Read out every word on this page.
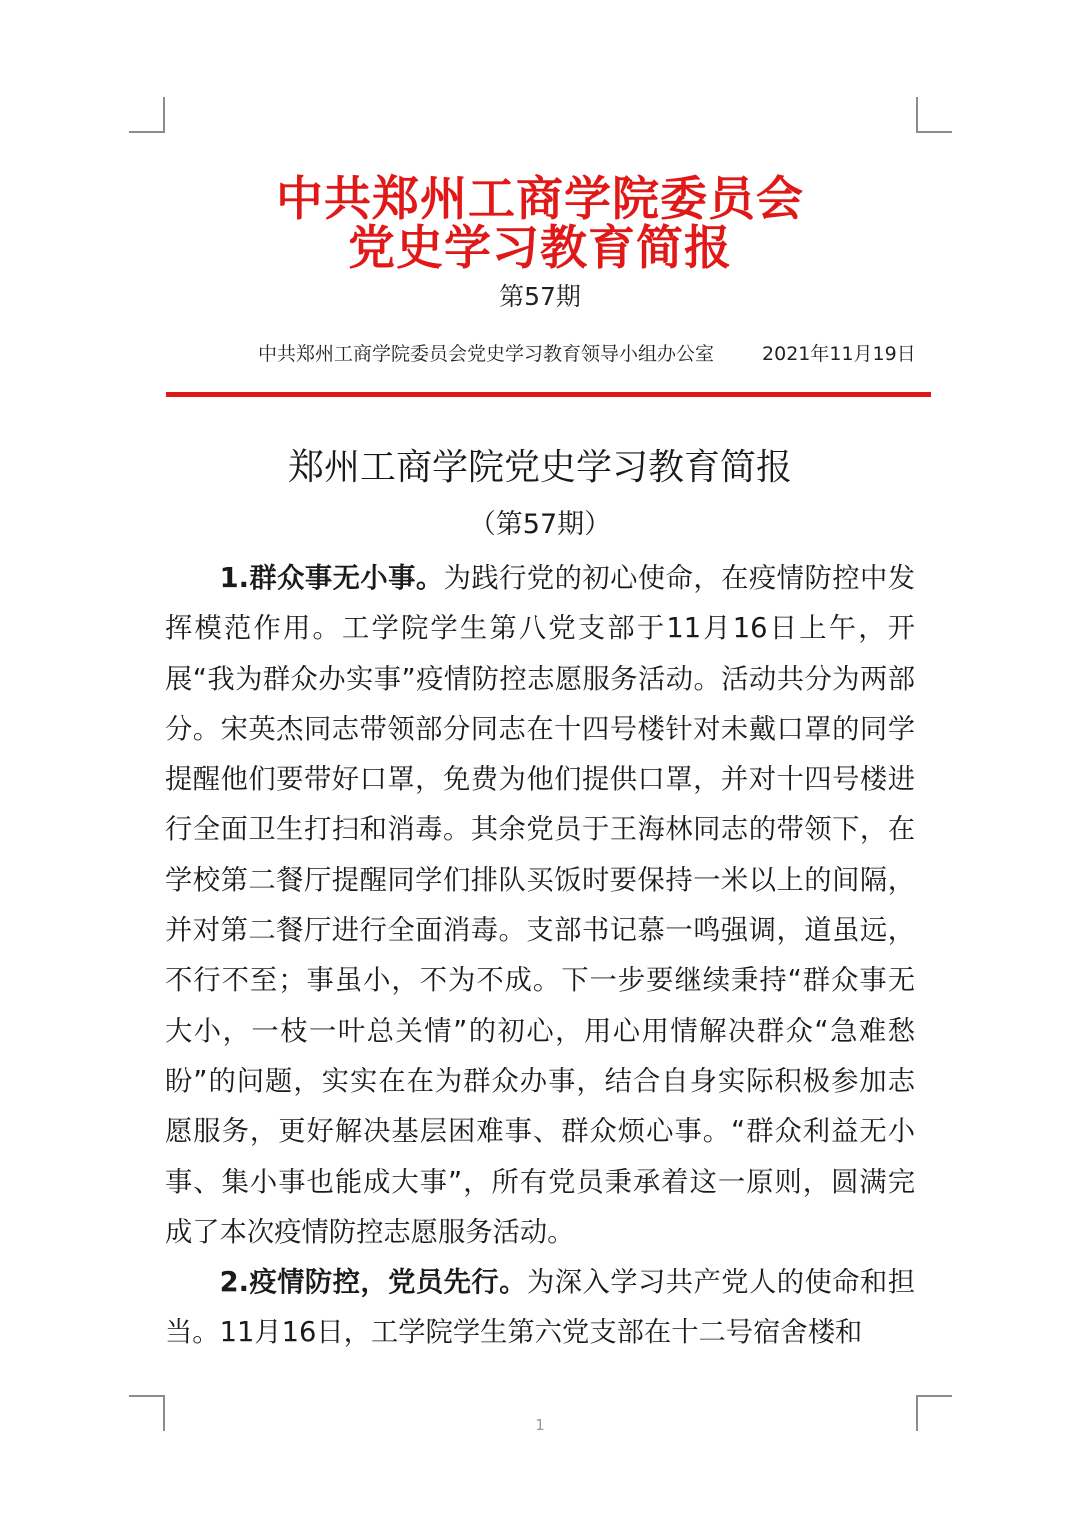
中共郑州工商学院委员会
党史学习教育简报
第57期
中共郑州工商学院委员会党史学习教育领导小组办公室	2021年11月19日
郑州工商学院党史学习教育简报
（第57期）

1.群众事无小事。为践行党的初心使命，在疫情防控中发挥模范作用。工学院学生第八党支部于11月16日上午，开展“我为群众办实事”疫情防控志愿服务活动。活动共分为两部分。宋英杰同志带领部分同志在十四号楼针对未戴口罩的同学提醒他们要带好口罩，免费为他们提供口罩，并对十四号楼进行全面卫生打扫和消毒。其余党员于王海林同志的带领下，在学校第二餐厅提醒同学们排队买饭时要保持一米以上的间隔，并对第二餐厅进行全面消毒。支部书记慕一鸣强调，道虽远，不行不至；事虽小，不为不成。下一步要继续秉持“群众事无大小，一枝一叶总关情”的初心，用心用情解决群众“急难愁盼”的问题，实实在在为群众办事，结合自身实际积极参加志愿服务，更好解决基层困难事、群众烦心事。“群众利益无小事、集小事也能成大事”，所有党员秉承着这一原则，圆满完成了本次疫情防控志愿服务活动。

2.疫情防控，党员先行。为深入学习共产党人的使命和担当。11月16日，工学院学生第六党支部在十二号宿舍楼和

1
